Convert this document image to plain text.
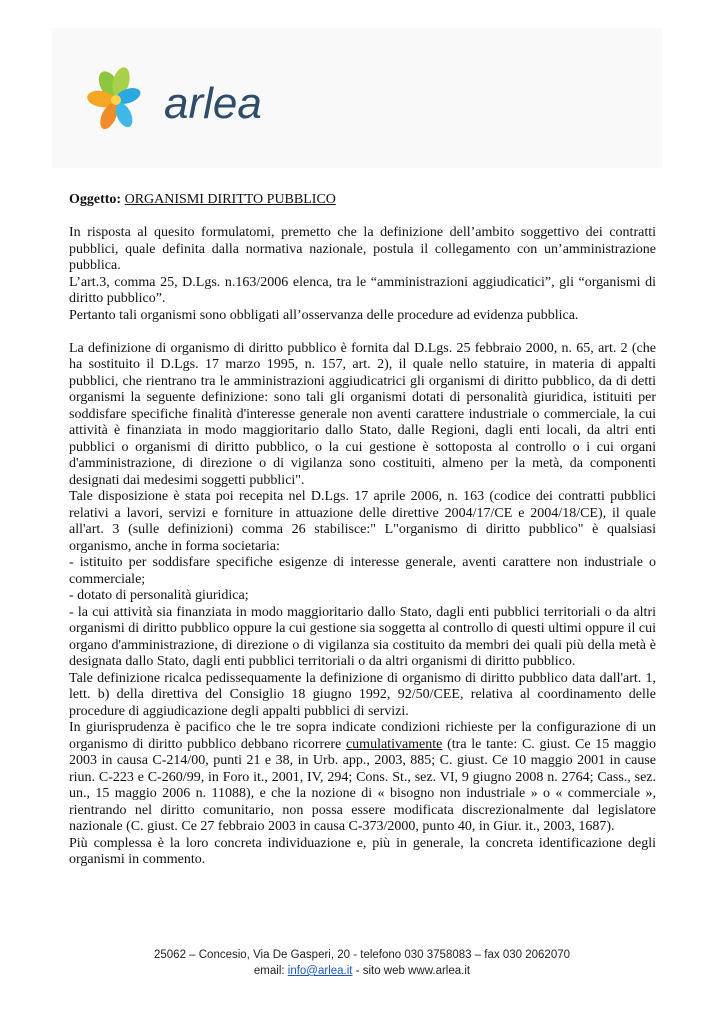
arlea

Oggetto: ORGANISMI DIRITTO PUBBLICO

In risposta al quesito formulatomi, premetto che la definizione dell’ambito soggettivo dei contratti pubblici, quale definita dalla normativa nazionale, postula il collegamento con un’amministrazione pubblica.

L’art.3, comma 25, D.Lgs. n.163/2006 elenca, tra le “amministrazioni aggiudicatici”, gli “organismi di diritto pubblico”.

Pertanto tali organismi sono obbligati all’osservanza delle procedure ad evidenza pubblica.

La definizione di organismo di diritto pubblico è fornita dal D.Lgs. 25 febbraio 2000, n. 65, art. 2 (che ha sostituito il D.Lgs. 17 marzo 1995, n. 157, art. 2), il quale nello statuire, in materia di appalti pubblici, che rientrano tra le amministrazioni aggiudicatrici gli organismi di diritto pubblico, da di detti organismi la seguente definizione: sono tali gli organismi dotati di personalità giuridica, istituiti per soddisfare specifiche finalità d'interesse generale non aventi carattere industriale o commerciale, la cui attività è finanziata in modo maggioritario dallo Stato, dalle Regioni, dagli enti locali, da altri enti pubblici o organismi di diritto pubblico, o la cui gestione è sottoposta al controllo o i cui organi d'amministrazione, di direzione o di vigilanza sono costituiti, almeno per la metà, da componenti designati dai medesimi soggetti pubblici".

Tale disposizione è stata poi recepita nel D.Lgs. 17 aprile 2006, n. 163 (codice dei contratti pubblici relativi a lavori, servizi e forniture in attuazione delle direttive 2004/17/CE e 2004/18/CE), il quale all'art. 3 (sulle definizioni) comma 26 stabilisce:" L"organismo di diritto pubblico" è qualsiasi organismo, anche in forma societaria:

- istituito per soddisfare specifiche esigenze di interesse generale, aventi carattere non industriale o commerciale;

- dotato di personalità giuridica;

- la cui attività sia finanziata in modo maggioritario dallo Stato, dagli enti pubblici territoriali o da altri organismi di diritto pubblico oppure la cui gestione sia soggetta al controllo di questi ultimi oppure il cui organo d'amministrazione, di direzione o di vigilanza sia costituito da membri dei quali più della metà è designata dallo Stato, dagli enti pubblici territoriali o da altri organismi di diritto pubblico.

Tale definizione ricalca pedissequamente la definizione di organismo di diritto pubblico data dall'art. 1, lett. b) della direttiva del Consiglio 18 giugno 1992, 92/50/CEE, relativa al coordinamento delle procedure di aggiudicazione degli appalti pubblici di servizi.

In giurisprudenza è pacifico che le tre sopra indicate condizioni richieste per la configurazione di un organismo di diritto pubblico debbano ricorrere cumulativamente (tra le tante: C. giust. Ce 15 maggio 2003 in causa C-214/00, punti 21 e 38, in Urb. app., 2003, 885; C. giust. Ce 10 maggio 2001 in cause riun. C-223 e C-260/99, in Foro it., 2001, IV, 294; Cons. St., sez. VI, 9 giugno 2008 n. 2764; Cass., sez. un., 15 maggio 2006 n. 11088), e che la nozione di « bisogno non industriale » o « commerciale », rientrando nel diritto comunitario, non possa essere modificata discrezionalmente dal legislatore nazionale (C. giust. Ce 27 febbraio 2003 in causa C-373/2000, punto 40, in Giur. it., 2003, 1687).

Più complessa è la loro concreta individuazione e, più in generale, la concreta identificazione degli organismi in commento.

25062 – Concesio, Via De Gasperi, 20 - telefono 030 3758083 – fax 030 2062070
email: info@arlea.it - sito web www.arlea.it
